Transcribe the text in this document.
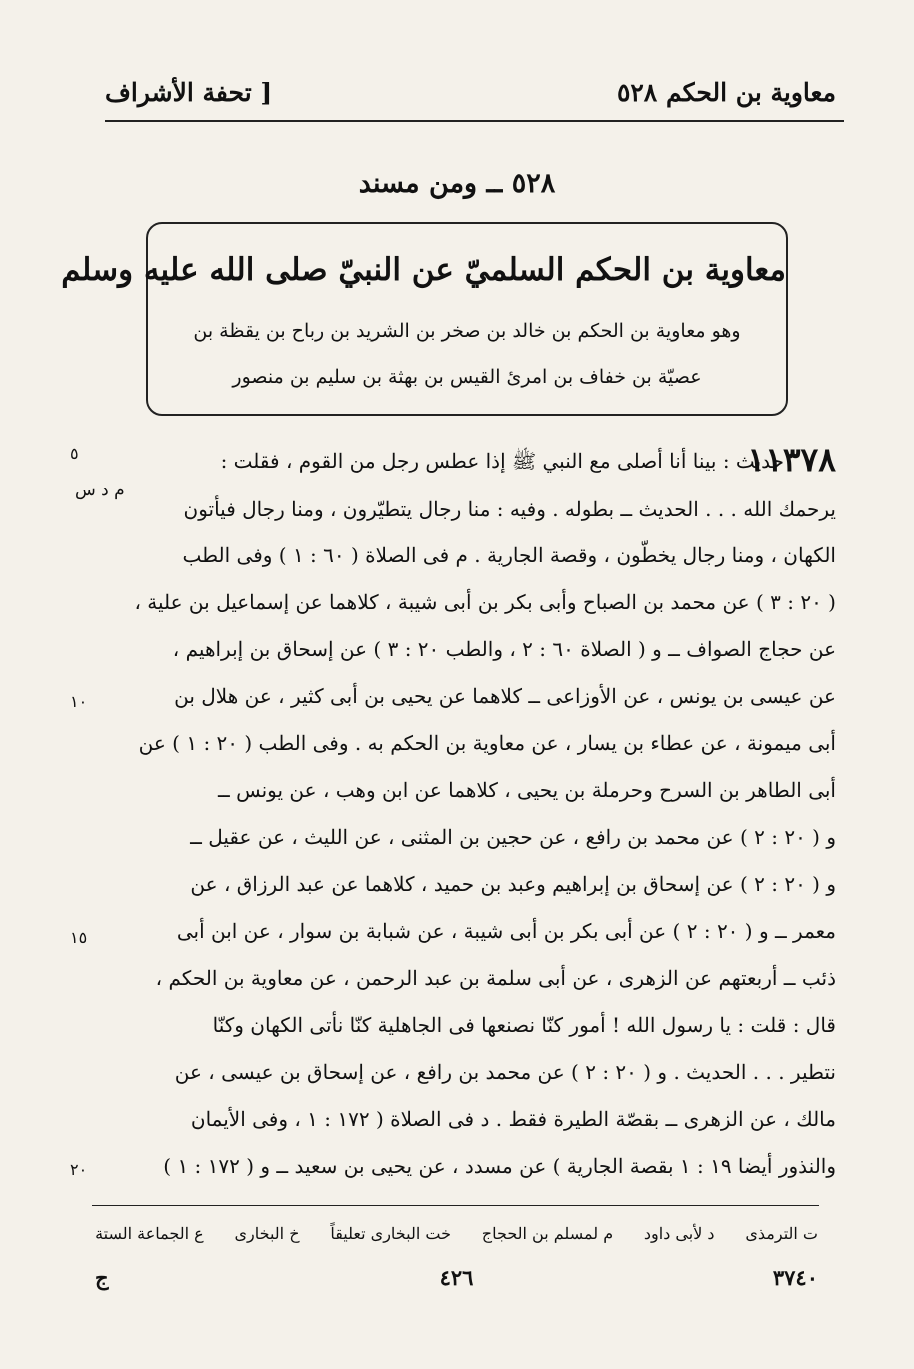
معاوية بن الحكم ٥٢٨
[ تحفة الأشراف
٥٢٨ ــ ومن مسند
معاوية بن الحكم السلميّ عن النبيّ صلى الله عليه وسلم
وهو معاوية بن الحكم بن خالد بن صخر بن الشريد بن رباح بن يقظة بن
عصيّة بن خفاف بن امرئ القيس بن بهثة بن سليم بن منصور
١١٣٧٨
م د س
٥
١٠
١٥
٢٠
حديث : بينا أنا أصلى مع النبي ﷺ إذا عطس رجل من القوم ، فقلت :
يرحمك الله . . . الحديث ــ بطوله . وفيه : منا رجال يتطيّرون ، ومنا رجال فيأتون
الكهان ، ومنا رجال يخطّون ، وقصة الجارية . م فى الصلاة ( ٦٠ : ١ ) وفى الطب
( ٢٠ : ٣ ) عن محمد بن الصباح وأبى بكر بن أبى شيبة ، كلاهما عن إسماعيل بن علية ،
عن حجاج الصواف ــ و ( الصلاة ٦٠ : ٢ ، والطب ٢٠ : ٣ ) عن إسحاق بن إبراهيم ،
عن عيسى بن يونس ، عن الأوزاعى ــ كلاهما عن يحيى بن أبى كثير ، عن هلال بن
أبى ميمونة ، عن عطاء بن يسار ، عن معاوية بن الحكم به . وفى الطب ( ٢٠ : ١ ) عن
أبى الطاهر بن السرح وحرملة بن يحيى ، كلاهما عن ابن وهب ، عن يونس ــ
و ( ٢٠ : ٢ ) عن محمد بن رافع ، عن حجين بن المثنى ، عن الليث ، عن عقيل ــ
و ( ٢٠ : ٢ ) عن إسحاق بن إبراهيم وعبد بن حميد ، كلاهما عن عبد الرزاق ، عن
معمر ــ و ( ٢٠ : ٢ ) عن أبى بكر بن أبى شيبة ، عن شبابة بن سوار ، عن ابن أبى
ذئب ــ أربعتهم عن الزهرى ، عن أبى سلمة بن عبد الرحمن ، عن معاوية بن الحكم ،
قال : قلت : يا رسول الله ! أمور كنّا نصنعها فى الجاهلية كنّا نأتى الكهان وكنّا
نتطير . . . الحديث . و ( ٢٠ : ٢ ) عن محمد بن رافع ، عن إسحاق بن عيسى ، عن
مالك ، عن الزهرى ــ بقصّة الطيرة فقط . د فى الصلاة ( ١٧٢ : ١ ، وفى الأيمان
والنذور أيضا ١٩ : ١ بقصة الجارية ) عن مسدد ، عن يحيى بن سعيد ــ و ( ١٧٢ : ١ )
ع الجماعة الستة خ البخارى خت البخارى تعليقاً م لمسلم بن الحجاج د لأبى داود ت الترمذى
٣٧٤٠
٤٢٦
ج
